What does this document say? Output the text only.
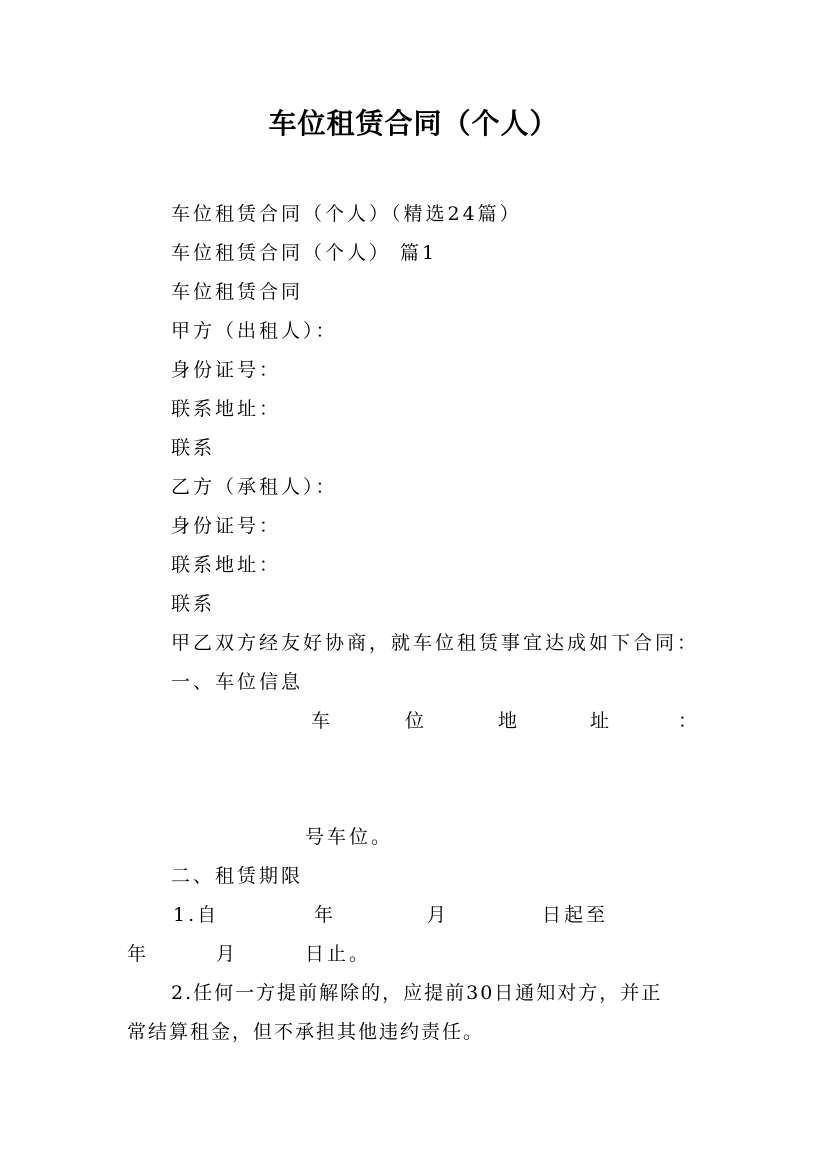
车位租赁合同（个人）
车位租赁合同（个人）（精选24篇）
车位租赁合同（个人） 篇1
车位租赁合同
甲方（出租人）：
身份证号：
联系地址：
联系
乙方（承租人）：
身份证号：
联系地址：
联系
甲乙双方经友好协商，就车位租赁事宜达成如下合同：
一、车位信息
车	位	地	址	：
号车位。
二、租赁期限
1.自	年	月	日起至
年	月	日止。
2.任何一方提前解除的，应提前30日通知对方，并正
常结算租金，但不承担其他违约责任。
